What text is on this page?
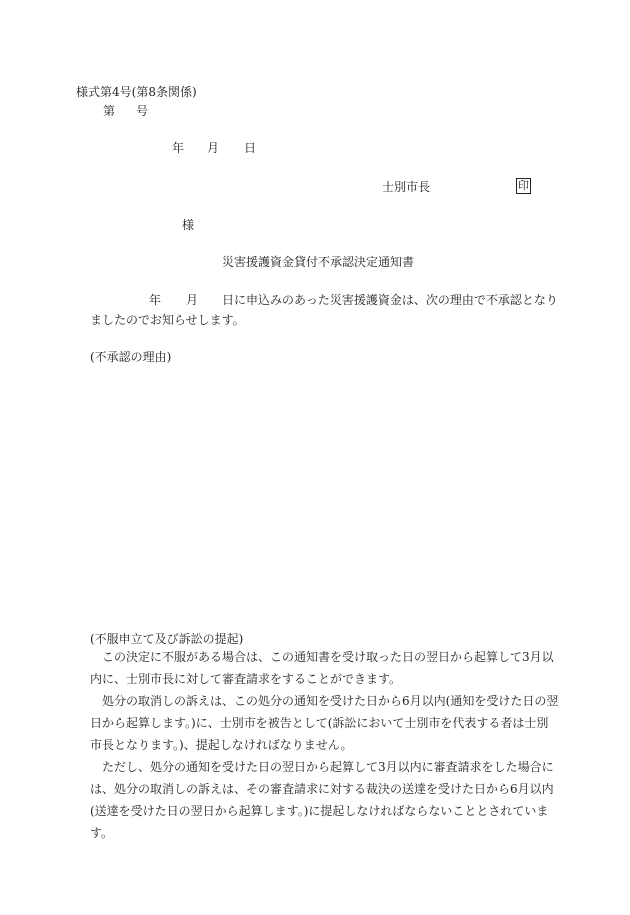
様式第4号(第8条関係)
第 号
年 月 日
士別市長	印
様
災害援護資金貸付不承認決定通知書
年 月 日に申込みのあった災害援護資金は、次の理由で不承認となり
ましたのでお知らせします。
(不承認の理由)
(不服申立て及び訴訟の提起)
この決定に不服がある場合は、この通知書を受け取った日の翌日から起算して3月以内に、士別市長に対して審査請求をすることができます。
処分の取消しの訴えは、この処分の通知を受けた日から6月以内(通知を受けた日の翌日から起算します。)に、士別市を被告として(訴訟において士別市を代表する者は士別市長となります。)、提起しなければなりません。
ただし、処分の通知を受けた日の翌日から起算して3月以内に審査請求をした場合には、処分の取消しの訴えは、その審査請求に対する裁決の送達を受けた日から6月以内(送達を受けた日の翌日から起算します。)に提起しなければならないこととされています。
